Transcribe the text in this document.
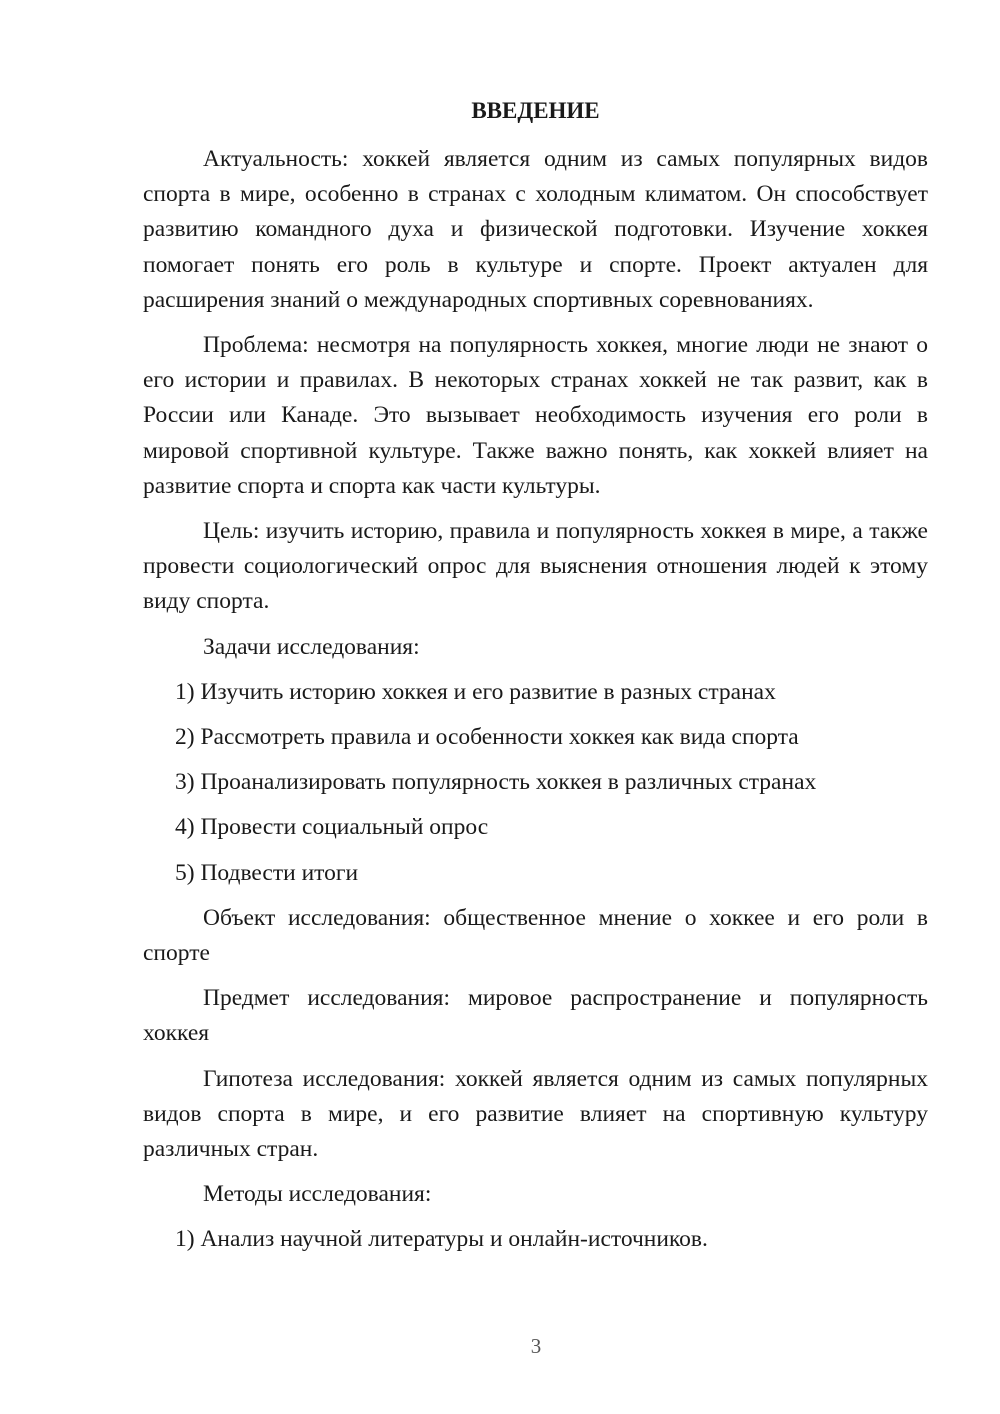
ВВЕДЕНИЕ

Актуальность: хоккей является одним из самых популярных видов спорта в мире, особенно в странах с холодным климатом. Он способствует развитию командного духа и физической подготовки. Изучение хоккея помогает понять его роль в культуре и спорте. Проект актуален для расширения знаний о международных спортивных соревнованиях.

Проблема: несмотря на популярность хоккея, многие люди не знают о его истории и правилах. В некоторых странах хоккей не так развит, как в России или Канаде. Это вызывает необходимость изучения его роли в мировой спортивной культуре. Также важно понять, как хоккей влияет на развитие спорта и спорта как части культуры.

Цель: изучить историю, правила и популярность хоккея в мире, а также провести социологический опрос для выяснения отношения людей к этому виду спорта.

Задачи исследования:

1) Изучить историю хоккея и его развитие в разных странах
2) Рассмотреть правила и особенности хоккея как вида спорта
3) Проанализировать популярность хоккея в различных странах
4) Провести социальный опрос
5) Подвести итоги

Объект исследования: общественное мнение о хоккее и его роли в спорте

Предмет исследования: мировое распространение и популярность хоккея

Гипотеза исследования: хоккей является одним из самых популярных видов спорта в мире, и его развитие влияет на спортивную культуру различных стран.

Методы исследования:

1) Анализ научной литературы и онлайн-источников.
3
